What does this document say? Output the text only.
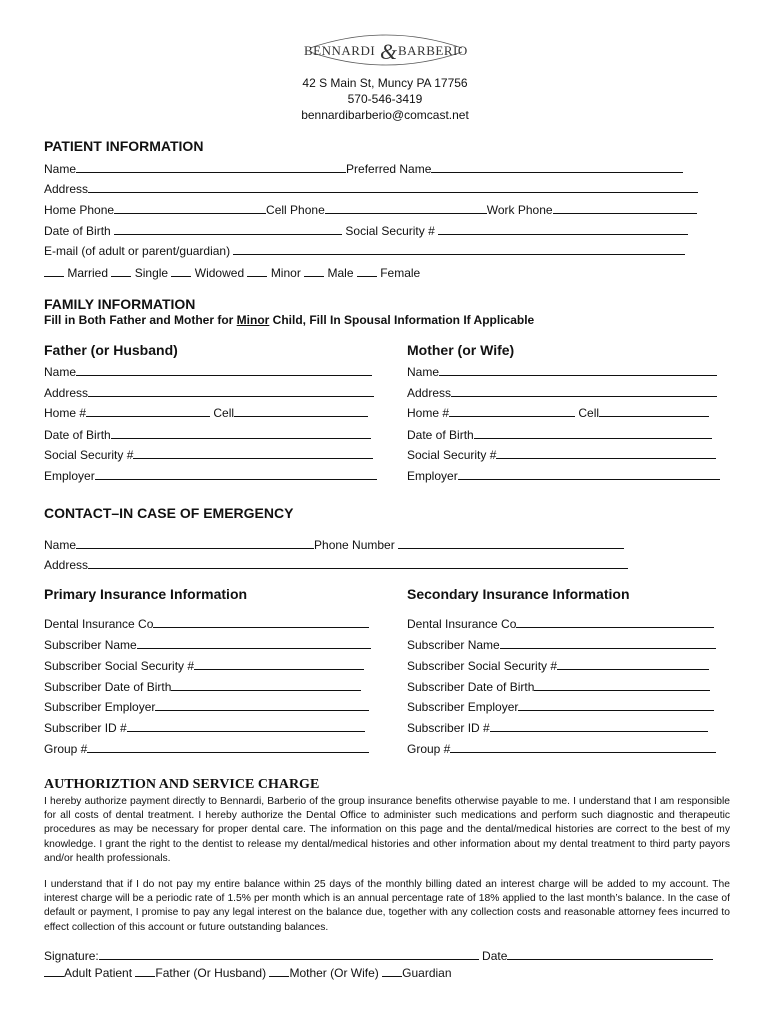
BENNARDI & BARBERIO
42 S Main St, Muncy PA 17756
570-546-3419
bennardibarberio@comcast.net
PATIENT INFORMATION
Name	Preferred Name
Address
Home Phone	Cell Phone	Work Phone
Date of Birth	Social Security #
E-mail (of adult or parent/guardian)
Married Single Widowed Minor Male Female
FAMILY INFORMATION
Fill in Both Father and Mother for Minor Child, Fill In Spousal Information If Applicable
Father (or Husband)	Mother (or Wife)
Name
Address
Home #	Cell
Date of Birth
Social Security #
Employer
Name
Address
Home #	Cell
Date of Birth
Social Security #
Employer
CONTACT–IN CASE OF EMERGENCY
Name	Phone Number
Address
Primary Insurance Information	Secondary Insurance Information
Dental Insurance Co
Subscriber Name
Subscriber Social Security #
Subscriber Date of Birth
Subscriber Employer
Subscriber ID #
Group #
Dental Insurance Co
Subscriber Name
Subscriber Social Security #
Subscriber Date of Birth
Subscriber Employer
Subscriber ID #
Group #
AUTHORIZTION AND SERVICE CHARGE
I hereby authorize payment directly to Bennardi, Barberio of the group insurance benefits otherwise payable to me. I understand that I am responsible for all costs of dental treatment. I hereby authorize the Dental Office to administer such medications and perform such diagnostic and therapeutic procedures as may be necessary for proper dental care. The information on this page and the dental/medical histories are correct to the best of my knowledge. I grant the right to the dentist to release my dental/medical histories and other information about my dental treatment to third party payors and/or health professionals.
I understand that if I do not pay my entire balance within 25 days of the monthly billing dated an interest charge will be added to my account. The interest charge will be a periodic rate of 1.5% per month which is an annual percentage rate of 18% applied to the last month’s balance. In the case of default or payment, I promise to pay any legal interest on the balance due, together with any collection costs and reasonable attorney fees incurred to effect collection of this account or future outstanding balances.
Signature:	Date
Adult Patient Father (Or Husband) Mother (Or Wife) Guardian
